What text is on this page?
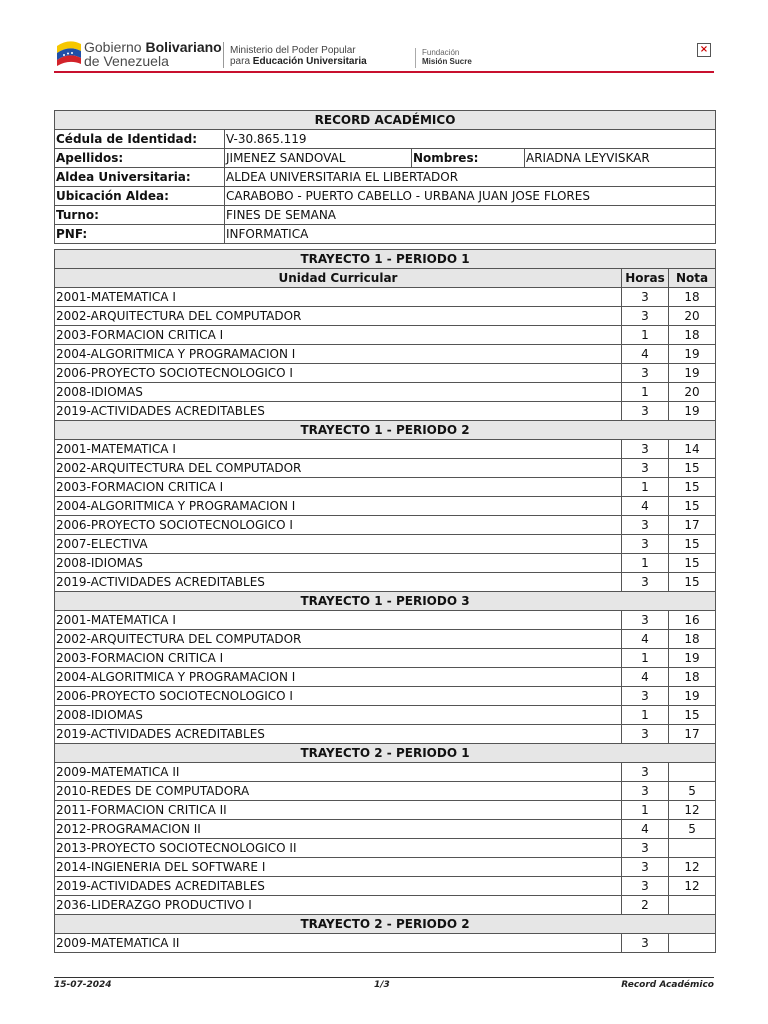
Gobierno Bolivariano
de Venezuela
Ministerio del Poder Popular
para Educación Universitaria
Fundación
Misión Sucre
×
RECORD ACADÉMICO			
Cédula de Identidad:	V-30.865.119		
Apellidos:	JIMENEZ SANDOVAL	Nombres:	ARIADNA LEYVISKAR
Aldea Universitaria:	ALDEA UNIVERSITARIA EL LIBERTADOR		
Ubicación Aldea:	CARABOBO - PUERTO CABELLO - URBANA JUAN JOSE FLORES		
Turno:	FINES DE SEMANA		
PNF:	INFORMATICA		
TRAYECTO 1 - PERIODO 1		
Unidad Curricular	Horas	Nota
2001-MATEMATICA I	3	18
2002-ARQUITECTURA DEL COMPUTADOR	3	20
2003-FORMACION CRITICA I	1	18
2004-ALGORITMICA Y PROGRAMACION I	4	19
2006-PROYECTO SOCIOTECNOLOGICO I	3	19
2008-IDIOMAS	1	20
2019-ACTIVIDADES ACREDITABLES	3	19
TRAYECTO 1 - PERIODO 2		
2001-MATEMATICA I	3	14
2002-ARQUITECTURA DEL COMPUTADOR	3	15
2003-FORMACION CRITICA I	1	15
2004-ALGORITMICA Y PROGRAMACION I	4	15
2006-PROYECTO SOCIOTECNOLOGICO I	3	17
2007-ELECTIVA	3	15
2008-IDIOMAS	1	15
2019-ACTIVIDADES ACREDITABLES	3	15
TRAYECTO 1 - PERIODO 3		
2001-MATEMATICA I	3	16
2002-ARQUITECTURA DEL COMPUTADOR	4	18
2003-FORMACION CRITICA I	1	19
2004-ALGORITMICA Y PROGRAMACION I	4	18
2006-PROYECTO SOCIOTECNOLOGICO I	3	19
2008-IDIOMAS	1	15
2019-ACTIVIDADES ACREDITABLES	3	17
TRAYECTO 2 - PERIODO 1		
2009-MATEMATICA II	3	
2010-REDES DE COMPUTADORA	3	5
2011-FORMACION CRITICA II	1	12
2012-PROGRAMACION II	4	5
2013-PROYECTO SOCIOTECNOLOGICO II	3	
2014-INGIENERIA DEL SOFTWARE I	3	12
2019-ACTIVIDADES ACREDITABLES	3	12
2036-LIDERAZGO PRODUCTIVO I	2	
TRAYECTO 2 - PERIODO 2		
2009-MATEMATICA II	3	
15-07-2024	1/3	Record Académico
